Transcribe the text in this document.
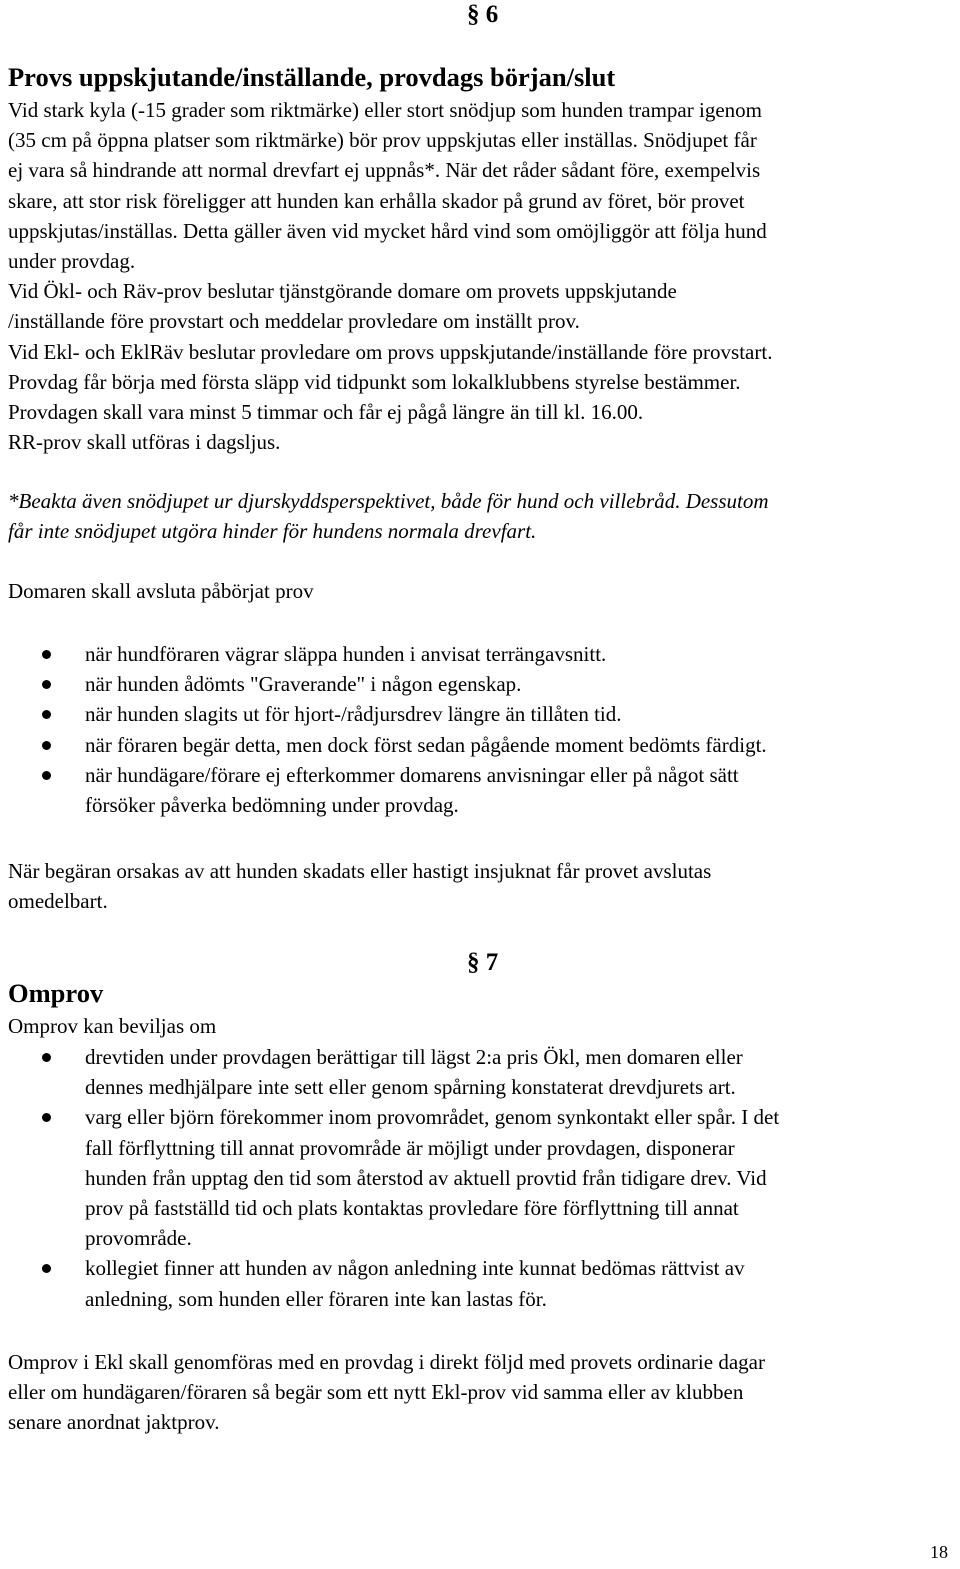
§ 6
Provs uppskjutande/inställande, provdags början/slut

Vid stark kyla (-15 grader som riktmärke) eller stort snödjup som hunden trampar igenom

(35 cm på öppna platser som riktmärke) bör prov uppskjutas eller inställas. Snödjupet får

ej vara så hindrande att normal drevfart ej uppnås*. När det råder sådant före, exempelvis

skare, att stor risk föreligger att hunden kan erhålla skador på grund av föret, bör provet

uppskjutas/inställas. Detta gäller även vid mycket hård vind som omöjliggör att följa hund

under provdag.

Vid Ökl- och Räv-prov beslutar tjänstgörande domare om provets uppskjutande

/inställande före provstart och meddelar provledare om inställt prov.

Vid Ekl- och EklRäv beslutar provledare om provs uppskjutande/inställande före provstart.

Provdag får börja med första släpp vid tidpunkt som lokalklubbens styrelse bestämmer.

Provdagen skall vara minst 5 timmar och får ej pågå längre än till kl. 16.00.

RR-prov skall utföras i dagsljus.

*Beakta även snödjupet ur djurskyddsperspektivet, både för hund och villebråd. Dessutom

får inte snödjupet utgöra hinder för hundens normala drevfart.

Domaren skall avsluta påbörjat prov
när hundföraren vägrar släppa hunden i anvisat terrängavsnitt.
när hunden ådömts "Graverande" i någon egenskap.
när hunden slagits ut för hjort-/rådjursdrev längre än tillåten tid.
när föraren begär detta, men dock först sedan pågående moment bedömts färdigt.
när hundägare/förare ej efterkommer domarens anvisningar eller på något sätt
försöker påverka bedömning under provdag.

När begäran orsakas av att hunden skadats eller hastigt insjuknat får provet avslutas

omedelbart.

§ 7
Omprov
Omprov kan beviljas om
drevtiden under provdagen berättigar till lägst 2:a pris Ökl, men domaren eller
dennes medhjälpare inte sett eller genom spårning konstaterat drevdjurets art.
varg eller björn förekommer inom provområdet, genom synkontakt eller spår. I det
fall förflyttning till annat provområde är möjligt under provdagen, disponerar
hunden från upptag den tid som återstod av aktuell provtid från tidigare drev. Vid
prov på fastställd tid och plats kontaktas provledare före förflyttning till annat
provområde.
kollegiet finner att hunden av någon anledning inte kunnat bedömas rättvist av
anledning, som hunden eller föraren inte kan lastas för.

Omprov i Ekl skall genomföras med en provdag i direkt följd med provets ordinarie dagar

eller om hundägaren/föraren så begär som ett nytt Ekl-prov vid samma eller av klubben

senare anordnat jaktprov.

18
